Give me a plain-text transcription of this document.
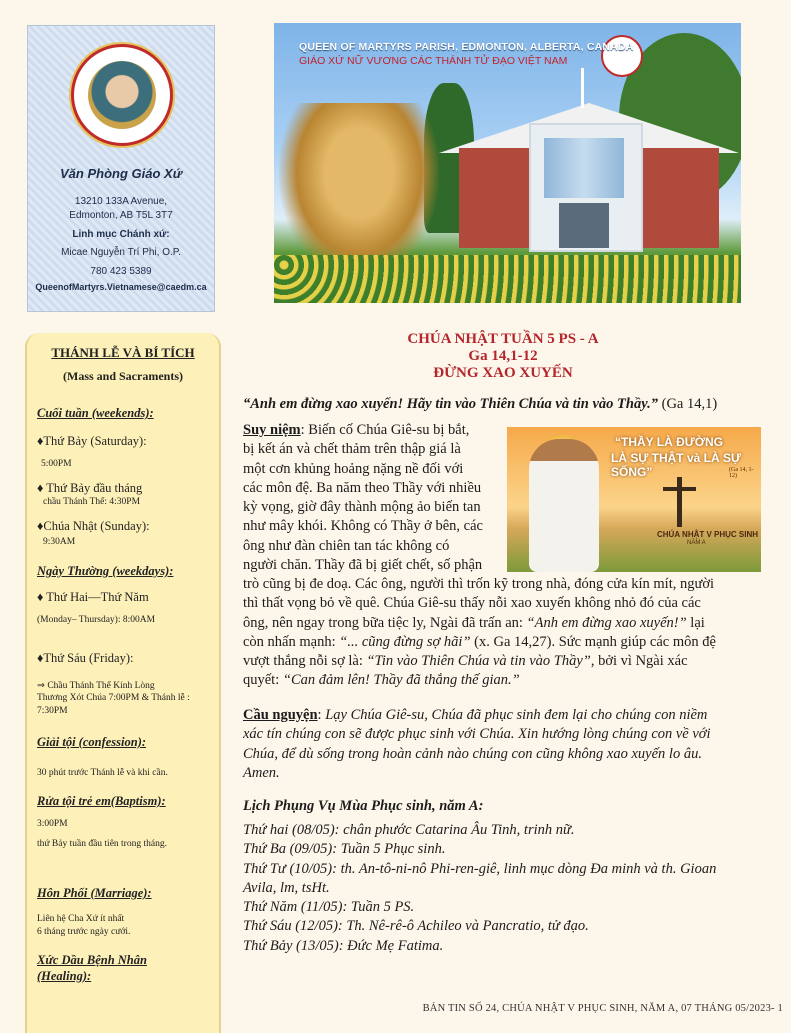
Văn Phòng Giáo Xứ
13210 133A Avenue,
Edmonton, AB T5L 3T7
Linh mục Chánh xứ:
Micae Nguyễn Trí Phi, O.P.
780 423 5389
QueenofMartyrs.Vietnamese@caedm.ca
QUEEN OF MARTYRS PARISH, EDMONTON, ALBERTA, CANADA
GIÁO XỨ NỮ VƯƠNG CÁC THÁNH TỬ ĐẠO VIỆT NAM
THÁNH LỄ VÀ BÍ TÍCH
(Mass and Sacraments)
Cuối tuần (weekends):
♦Thứ Bảy (Saturday):
5:00PM
♦ Thứ Bảy đầu tháng
chầu Thánh Thể: 4:30PM
♦Chúa Nhật (Sunday):
9:30AM
Ngày Thường (weekdays):
♦ Thứ Hai—Thứ Năm
(Monday– Thursday): 8:00AM
♦Thứ Sáu (Friday):
⇒ Chầu Thánh Thể Kính Lòng
Thương Xót Chúa 7:00PM & Thánh lễ :
7:30PM
Giải tội (confession):
30 phút trước Thánh lễ và khi cần.
Rửa tội trẻ em(Baptism):
3:00PM
thứ Bảy tuần đầu tiên trong tháng.
Hôn Phối (Marriage):
Liên hệ Cha Xứ ít nhất
6 tháng trước ngày cưới.
Xức Dầu Bệnh Nhân
(Healing):
CHÚA NHẬT TUẦN 5 PS - A
Ga 14,1-12
ĐỪNG XAO XUYẾN
“Anh em đừng xao xuyến! Hãy tin vào Thiên Chúa và tin vào Thầy.” (Ga 14,1)
“THẦY LÀ ĐƯỜNG
LÀ SỰ THẬT và LÀ SỰ SỐNG”	(Ga 14, 1-12)
CHÚA NHẬT V PHỤC SINH
NĂM A
Suy niệm: Biến cố Chúa Giê-su bị bắt,
bị kết án và chết thảm trên thập giá là
một cơn khủng hoảng nặng nề đối với
các môn đệ. Ba năm theo Thầy với nhiều
kỳ vọng, giờ đây thành mộng ảo biến tan
như mây khói. Không có Thầy ở bên, các
ông như đàn chiên tan tác không có
người chăn. Thầy đã bị giết chết, số phận
trò cũng bị đe doạ. Các ông, người thì trốn kỹ trong nhà, đóng cửa kín mít, người
thì thất vọng bỏ về quê. Chúa Giê-su thấy nỗi xao xuyến không nhỏ đó của các
ông, nên ngay trong bữa tiệc ly, Ngài đã trấn an: “Anh em đừng xao xuyến!” lại
còn nhấn mạnh: “... cũng đừng sợ hãi” (x. Ga 14,27). Sức mạnh giúp các môn đệ
vượt thắng nỗi sợ là: “Tin vào Thiên Chúa và tin vào Thầy”, bởi vì Ngài xác
quyết: “Can đảm lên! Thầy đã thắng thế gian.”
Cầu nguyện: Lạy Chúa Giê-su, Chúa đã phục sinh đem lại cho chúng con niềm
xác tín chúng con sẽ được phục sinh với Chúa. Xin hướng lòng chúng con về với
Chúa, để dù sống trong hoàn cảnh nào chúng con cũng không xao xuyến lo âu.
Amen.
Lịch Phụng Vụ Mùa Phục sinh, năm A:
Thứ hai (08/05): chân phước Catarina Âu Tinh, trinh nữ.
Thứ Ba (09/05): Tuần 5 Phục sinh.
Thứ Tư (10/05): th. An-tô-ni-nô Phi-ren-giê, linh mục dòng Đa minh và th. Gioan
Avila, lm, tsHt.
Thứ Năm (11/05): Tuần 5 PS.
Thứ Sáu (12/05): Th. Nê-rê-ô Achileo và Pancratio, tử đạo.
Thứ Bảy (13/05): Đức Mẹ Fatima.
BẢN TIN SỐ 24, CHÚA NHẬT V PHỤC SINH, NĂM A, 07 THÁNG 05/2023- 1
